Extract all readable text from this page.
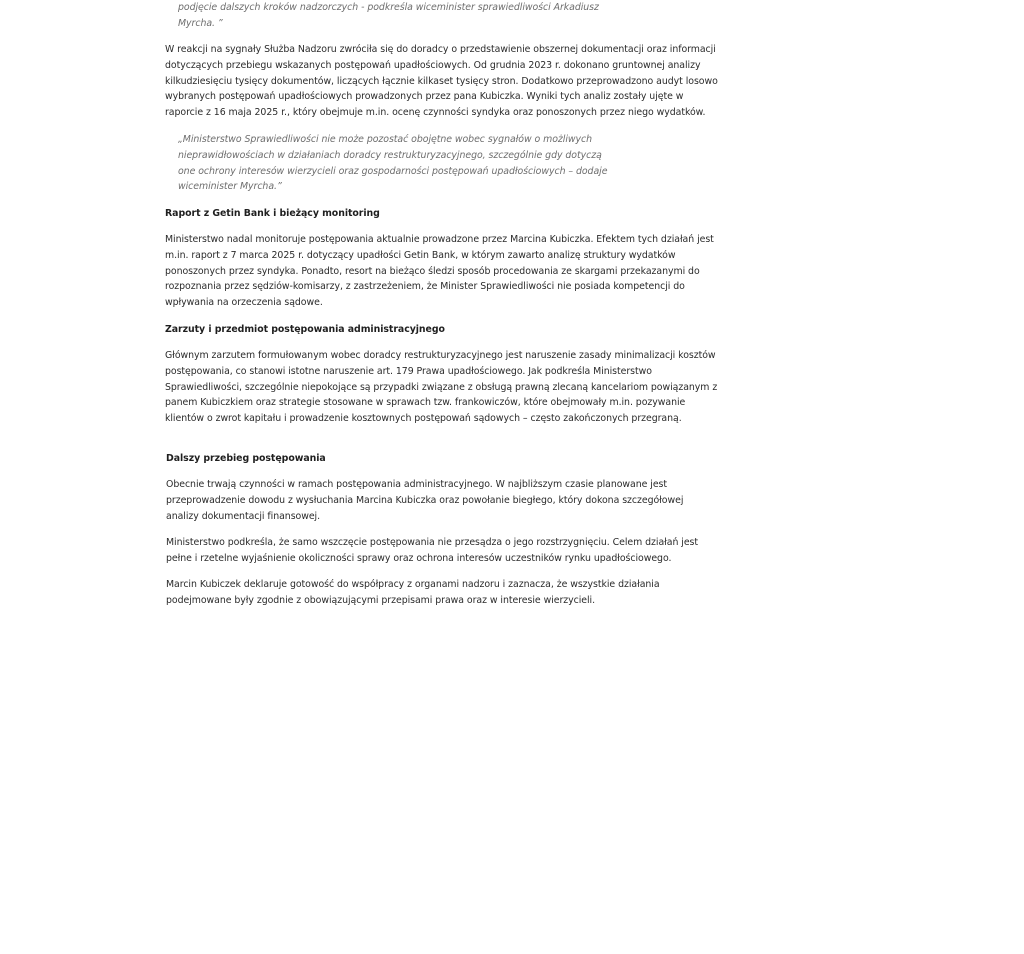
podjęcie dalszych kroków nadzorczych - podkreśla wiceminister sprawiedliwości Arkadiusz
Myrcha. ”
W reakcji na sygnały Służba Nadzoru zwróciła się do doradcy o przedstawienie obszernej dokumentacji oraz informacji
dotyczących przebiegu wskazanych postępowań upadłościowych. Od grudnia 2023 r. dokonano gruntownej analizy
kilkudziesięciu tysięcy dokumentów, liczących łącznie kilkaset tysięcy stron. Dodatkowo przeprowadzono audyt losowo
wybranych postępowań upadłościowych prowadzonych przez pana Kubiczka. Wyniki tych analiz zostały ujęte w
raporcie z 16 maja 2025 r., który obejmuje m.in. ocenę czynności syndyka oraz ponoszonych przez niego wydatków.
„Ministerstwo Sprawiedliwości nie może pozostać obojętne wobec sygnałów o możliwych
nieprawidłowościach w działaniach doradcy restrukturyzacyjnego, szczególnie gdy dotyczą
one ochrony interesów wierzycieli oraz gospodarności postępowań upadłościowych – dodaje
wiceminister Myrcha.”
Raport z Getin Bank i bieżący monitoring
Ministerstwo nadal monitoruje postępowania aktualnie prowadzone przez Marcina Kubiczka. Efektem tych działań jest
m.in. raport z 7 marca 2025 r. dotyczący upadłości Getin Bank, w którym zawarto analizę struktury wydatków
ponoszonych przez syndyka. Ponadto, resort na bieżąco śledzi sposób procedowania ze skargami przekazanymi do
rozpoznania przez sędziów-komisarzy, z zastrzeżeniem, że Minister Sprawiedliwości nie posiada kompetencji do
wpływania na orzeczenia sądowe.
Zarzuty i przedmiot postępowania administracyjnego
Głównym zarzutem formułowanym wobec doradcy restrukturyzacyjnego jest naruszenie zasady minimalizacji kosztów
postępowania, co stanowi istotne naruszenie art. 179 Prawa upadłościowego. Jak podkreśla Ministerstwo
Sprawiedliwości, szczególnie niepokojące są przypadki związane z obsługą prawną zlecaną kancelariom powiązanym z
panem Kubiczkiem oraz strategie stosowane w sprawach tzw. frankowiczów, które obejmowały m.in. pozywanie
klientów o zwrot kapitału i prowadzenie kosztownych postępowań sądowych – często zakończonych przegraną.
Dalszy przebieg postępowania
Obecnie trwają czynności w ramach postępowania administracyjnego. W najbliższym czasie planowane jest
przeprowadzenie dowodu z wysłuchania Marcina Kubiczka oraz powołanie biegłego, który dokona szczegółowej
analizy dokumentacji finansowej.
Ministerstwo podkreśla, że samo wszczęcie postępowania nie przesądza o jego rozstrzygnięciu. Celem działań jest
pełne i rzetelne wyjaśnienie okoliczności sprawy oraz ochrona interesów uczestników rynku upadłościowego.
Marcin Kubiczek deklaruje gotowość do współpracy z organami nadzoru i zaznacza, że wszystkie działania
podejmowane były zgodnie z obowiązującymi przepisami prawa oraz w interesie wierzycieli.
